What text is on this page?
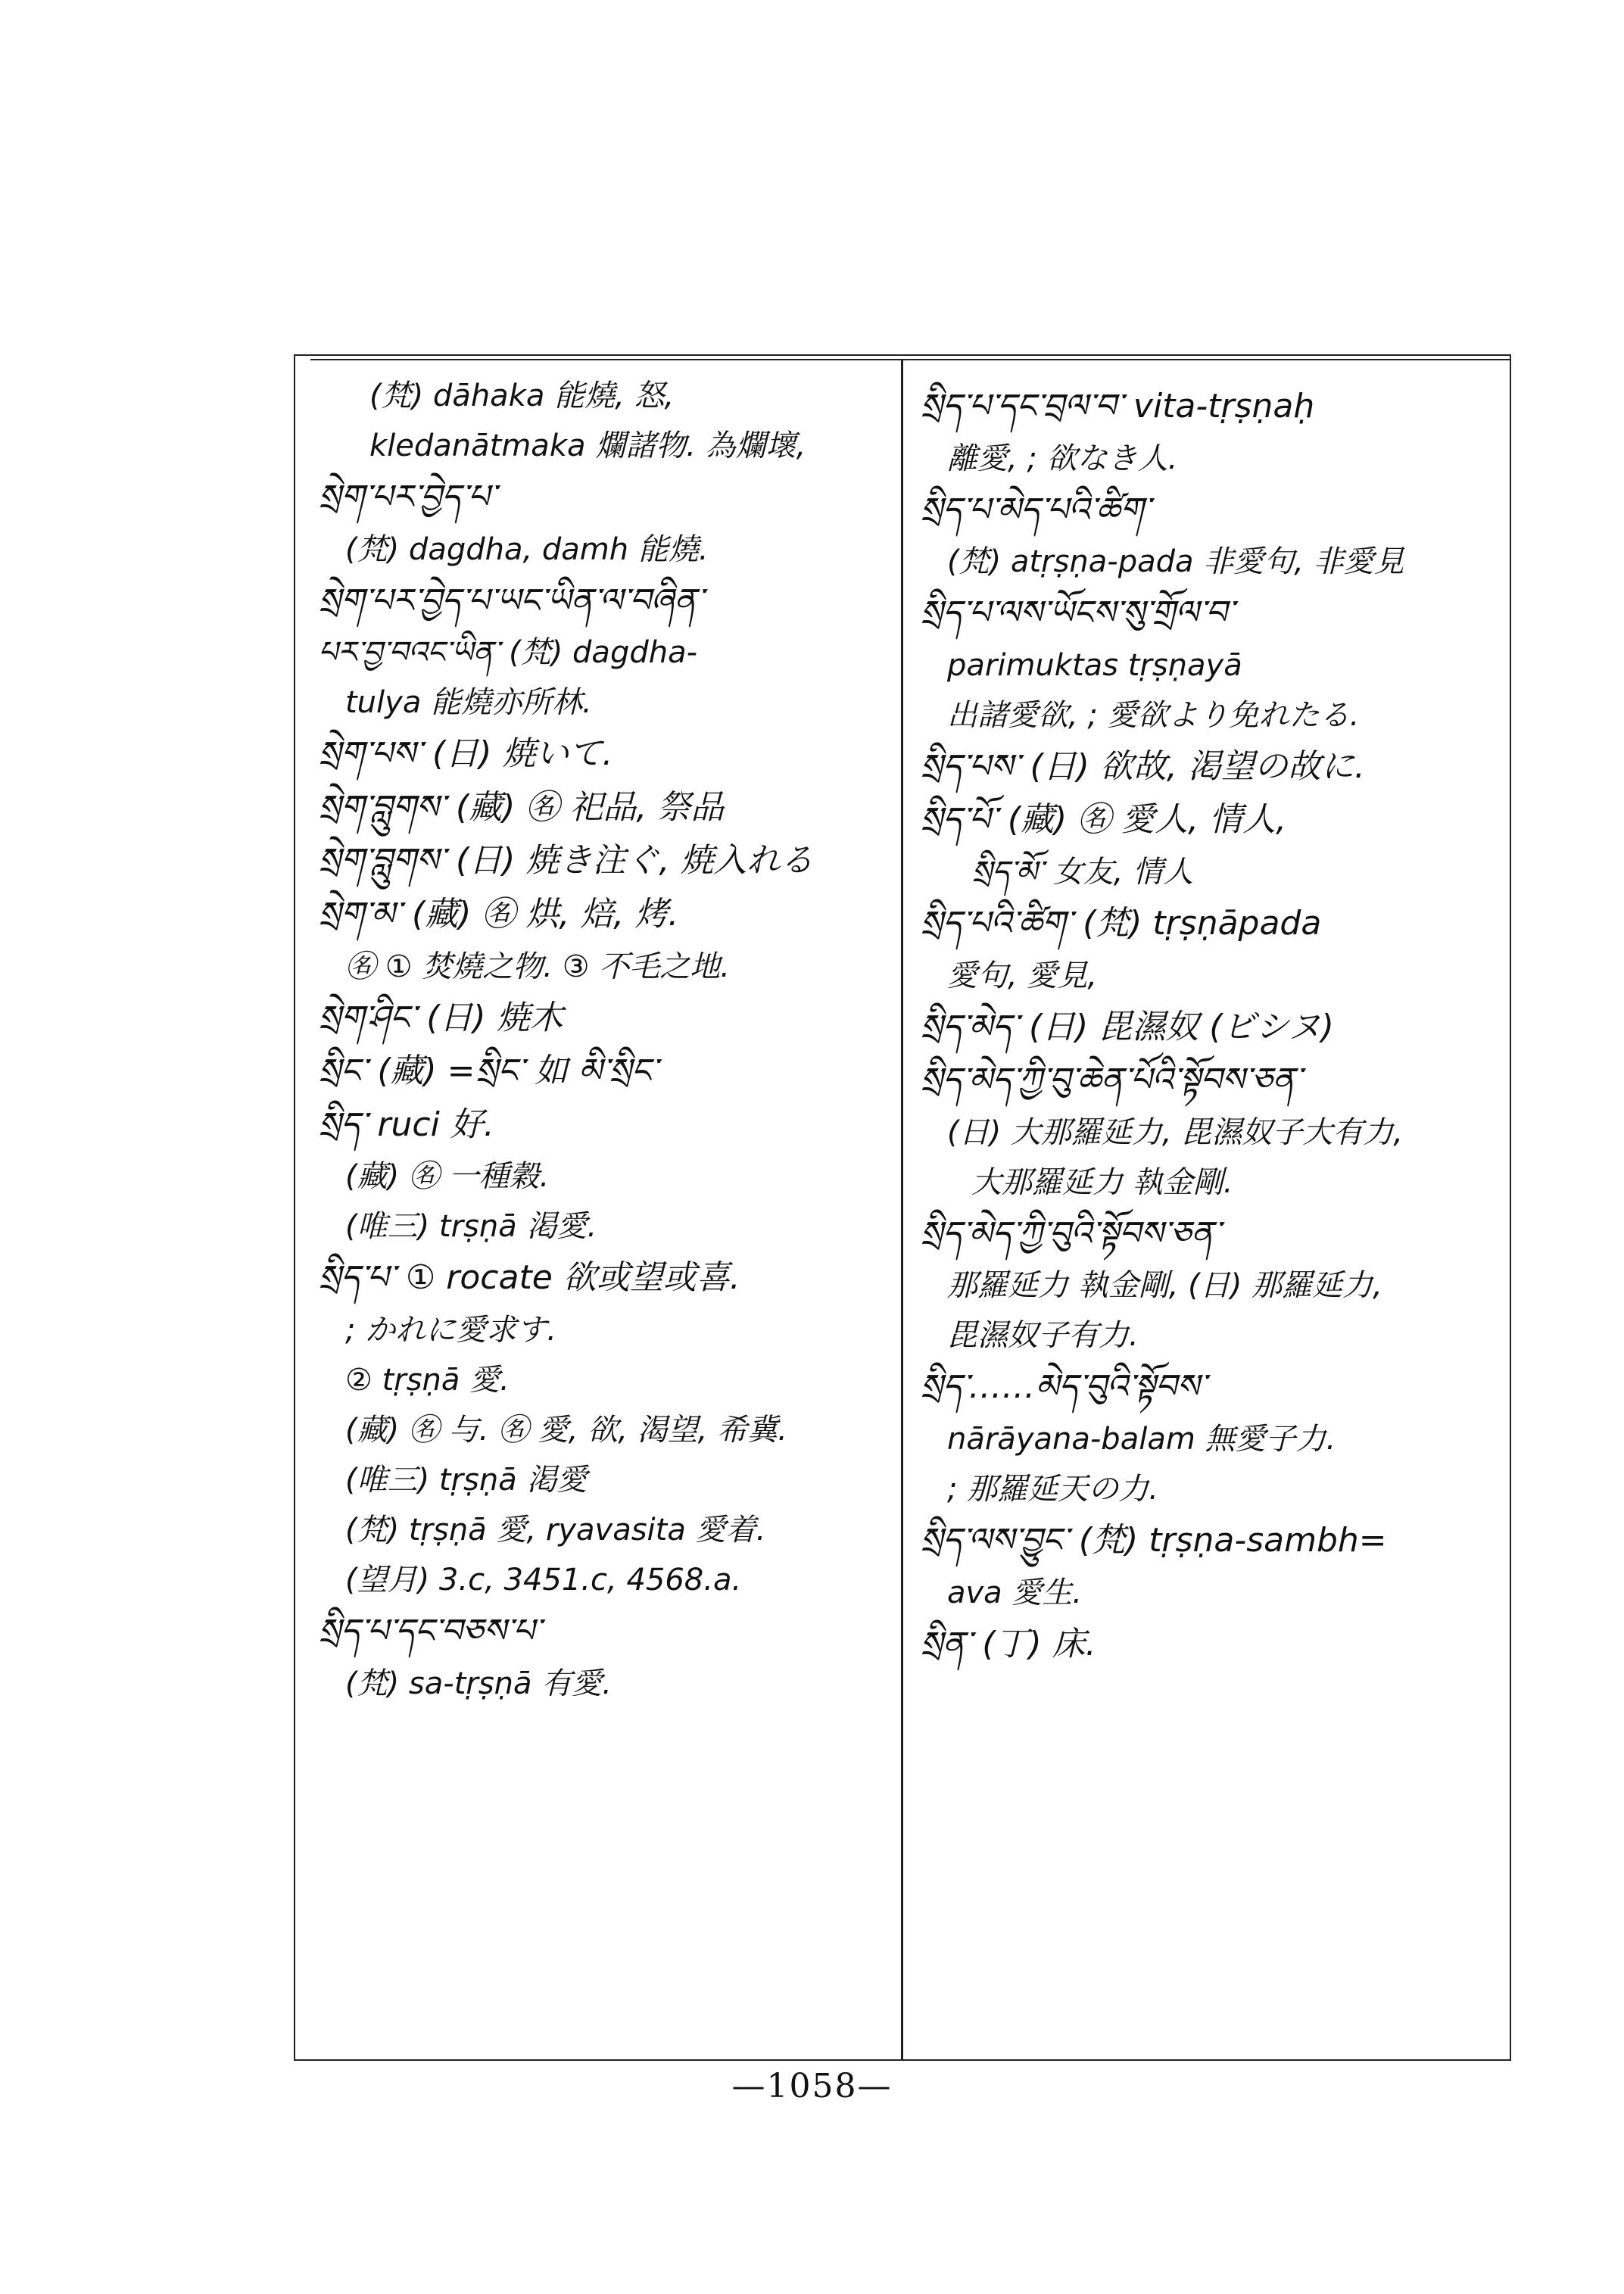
(梵) dāhaka 能燒, 怒,
kledanātmaka 爛諸物. 為爛壞,
སྲེག་པར་བྱེད་པ་
(梵) dagdha, damh 能燒.
སྲེག་པར་བྱེད་པ་ཡང་ཡིན་ལ་བཞིན་
པར་བྱ་བའང་ཡིན་ (梵) dagdha-
tulya 能燒亦所林.
སྲེག་པས་ (日) 焼いて.
སྲེག་བླུགས་ (藏) ㊔ 祀品, 祭品
སྲེག་བླུགས་ (日) 焼き注ぐ, 焼入れる
སྲེག་མ་ (藏) ㊔ 烘, 焙, 烤.
㊔ ① 焚燒之物. ③ 不毛之地.
སྲེག་ཤིང་ (日) 焼木
སྲིང་ (藏) =སྲིང་ 如 མི་སྲིང་
སྲིད་ ruci 好.
(藏) ㊔ 一種穀.
(唯三) trṣṇā 渇愛.
སྲིད་པ་ ① rocate 欲或望或喜.
; かれに愛求す.
② tṛṣṇā 愛.
(藏) ㊔ 与. ㊔ 愛, 欲, 渴望, 希冀.
(唯三) tṛṣṇā 渇愛
(梵) tṛṣṇā 愛, ryavasita 愛着.
(望月) 3.c, 3451.c, 4568.a.
སྲིད་པ་དང་བཅས་པ་
(梵) sa-tṛṣṇā 有愛.
སྲིད་པ་དང་བྲལ་བ་ vita-tṛṣṇaḥ
離愛, ; 欲なき人.
སྲིད་པ་མེད་པའི་ཚིག་
(梵) atṛṣṇa-pada 非愛句, 非愛見
སྲིད་པ་ལས་ཡོངས་སུ་གྲོལ་བ་
parimuktas tṛṣṇayā
出諸愛欲, ; 愛欲より免れたる.
སྲིད་པས་ (日) 欲故, 渇望の故に.
སྲིད་པོ་ (藏) ㊔ 愛人, 情人,
སྲིད་མོ་ 女友, 情人
སྲིད་པའི་ཚིག་ (梵) tṛṣṇāpada
愛句, 愛見,
སྲིད་མེད་ (日) 毘濕奴 (ビシヌ)
སྲིད་མེད་ཀྱི་བུ་ཆེན་པོའི་སྟོབས་ཅན་
(日) 大那羅延力, 毘濕奴子大有力,
大那羅延力 執金剛.
སྲིད་མེད་ཀྱི་བུའི་སྟོབས་ཅན་
那羅延力 執金剛, (日) 那羅延力,
毘濕奴子有力.
སྲིད་……མེད་བུའི་སྟོབས་
nārāyana-balam 無愛子力.
; 那羅延天の力.
སྲིད་ལས་བྱུང་ (梵) tṛṣṇa-sambh=
ava 愛生.
སྲིན་ (丁) 床.
—1058—
